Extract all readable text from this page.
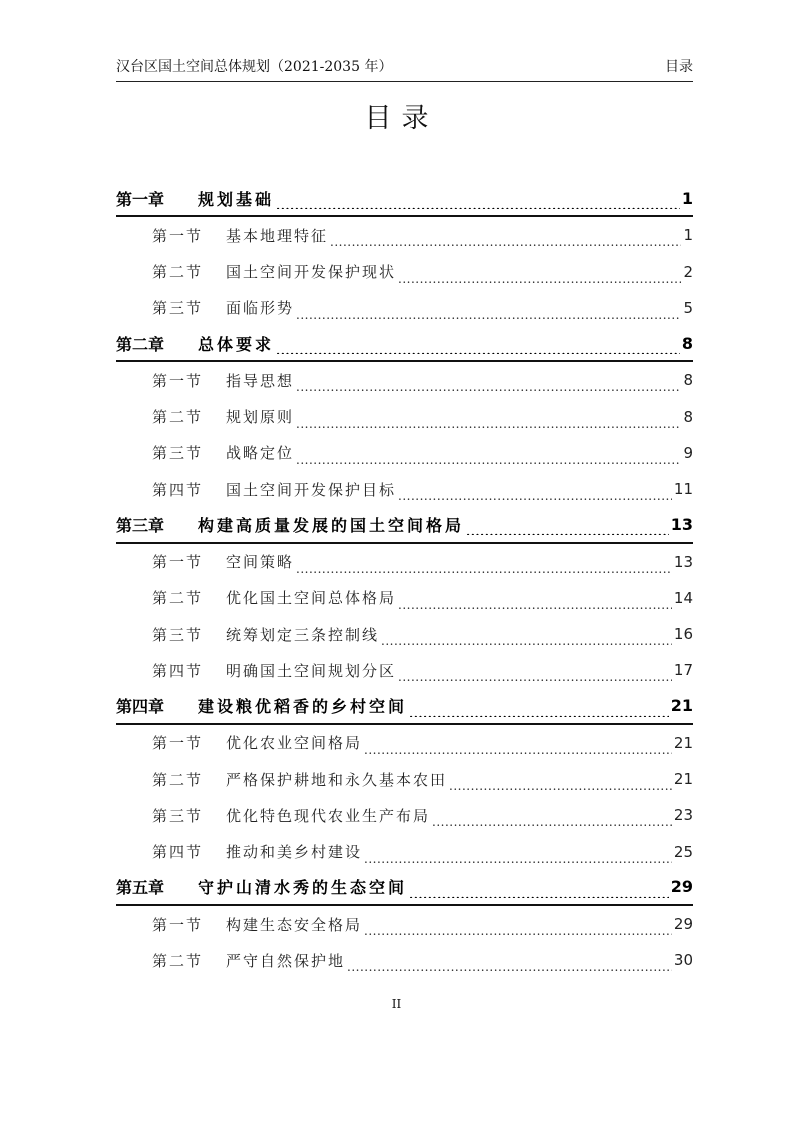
汉台区国土空间总体规划（2021-2035 年）	目录
目录
第一章	规划基础 .....	1
第一节	基本地理特征 .....	1
第二节	国土空间开发保护现状 .....	2
第三节	面临形势 .....	5
第二章	总体要求 .....	8
第一节	指导思想 .....	8
第二节	规划原则 .....	8
第三节	战略定位 .....	9
第四节	国土空间开发保护目标 .....	11
第三章	构建高质量发展的国土空间格局 .....	13
第一节	空间策略 .....	13
第二节	优化国土空间总体格局 .....	14
第三节	统筹划定三条控制线 .....	16
第四节	明确国土空间规划分区 .....	17
第四章	建设粮优稻香的乡村空间 .....	21
第一节	优化农业空间格局 .....	21
第二节	严格保护耕地和永久基本农田 .....	21
第三节	优化特色现代农业生产布局 .....	23
第四节	推动和美乡村建设 .....	25
第五章	守护山清水秀的生态空间 .....	29
第一节	构建生态安全格局 .....	29
第二节	严守自然保护地 .....	30
II
